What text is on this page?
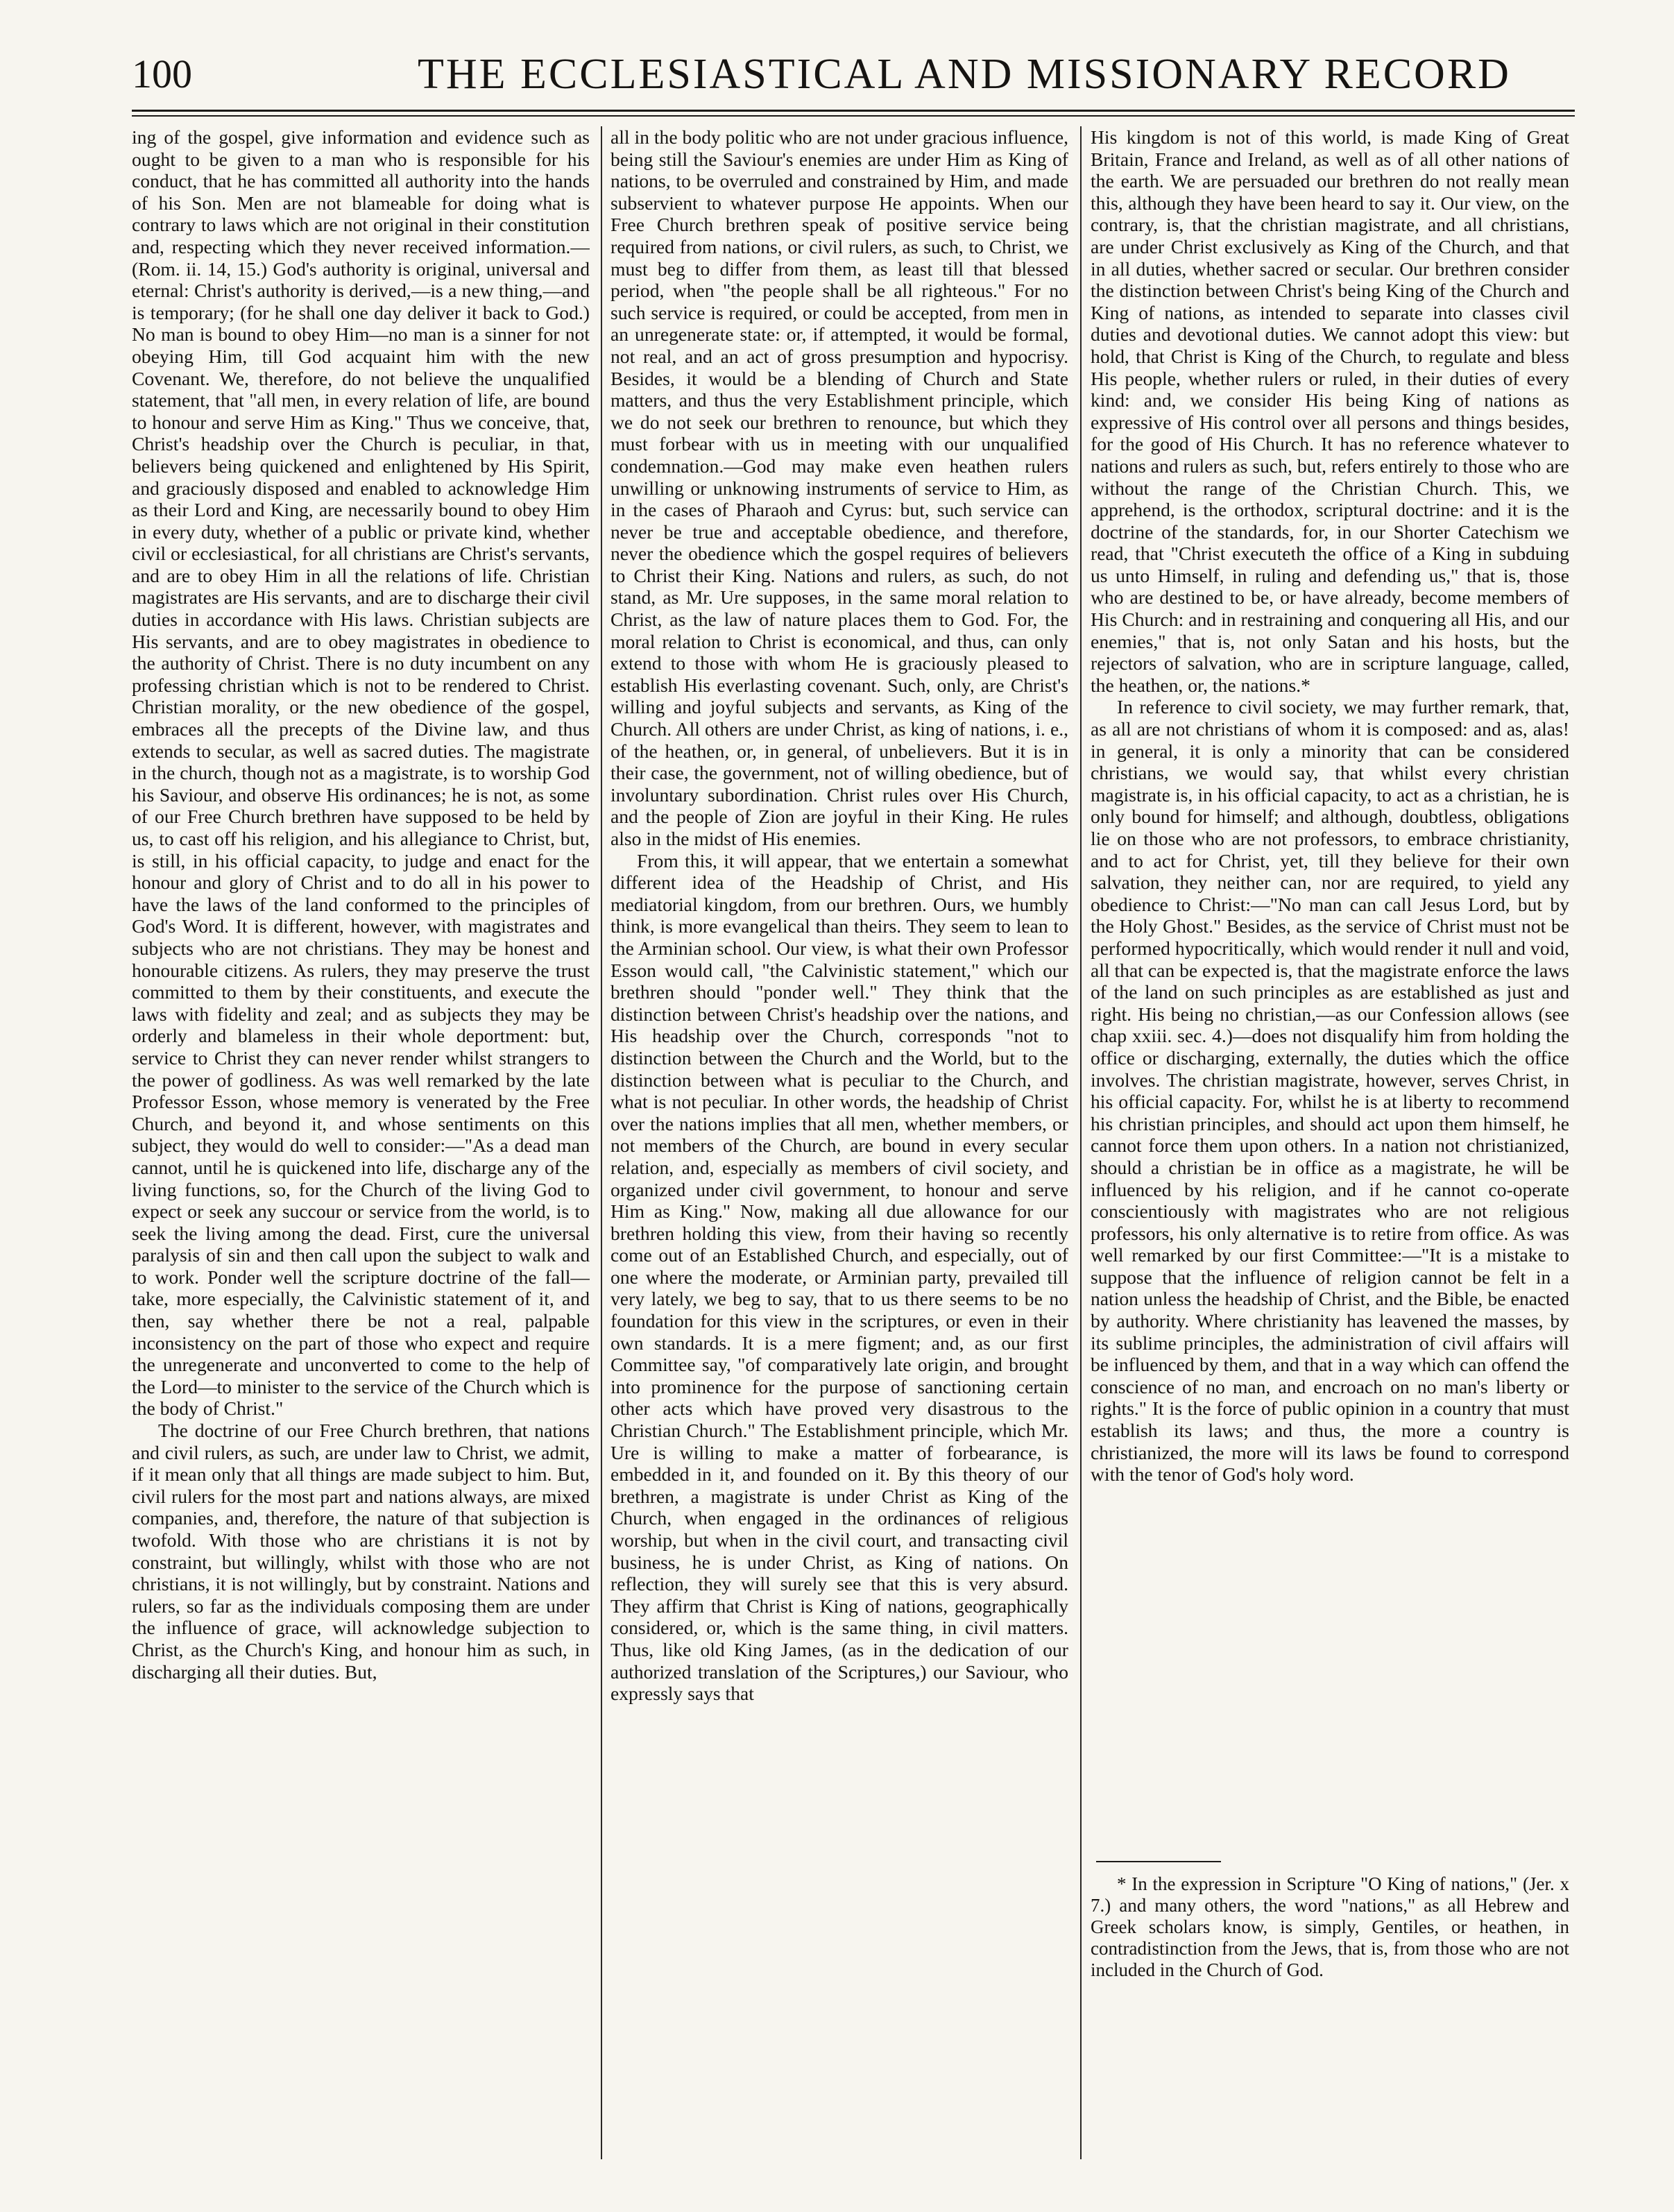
100	THE ECCLESIASTICAL AND MISSIONARY RECORD

ing of the gospel, give information and evidence such as ought to be given to a man who is responsible for his conduct, that he has committed all authority into the hands of his Son. Men are not blameable for doing what is contrary to laws which are not original in their constitution and, respecting which they never received information.—(Rom. ii. 14, 15.) God's authority is original, universal and eternal: Christ's authority is derived,—is a new thing,—and is temporary; (for he shall one day deliver it back to God.) No man is bound to obey Him—no man is a sinner for not obeying Him, till God acquaint him with the new Covenant. We, therefore, do not believe the unqualified statement, that "all men, in every relation of life, are bound to honour and serve Him as King." Thus we conceive, that, Christ's headship over the Church is peculiar, in that, believers being quickened and enlightened by His Spirit, and graciously disposed and enabled to acknowledge Him as their Lord and King, are necessarily bound to obey Him in every duty, whether of a public or private kind, whether civil or ecclesiastical, for all christians are Christ's servants, and are to obey Him in all the relations of life. Christian magistrates are His servants, and are to discharge their civil duties in accordance with His laws. Christian subjects are His servants, and are to obey magistrates in obedience to the authority of Christ. There is no duty incumbent on any professing christian which is not to be rendered to Christ. Christian morality, or the new obedience of the gospel, embraces all the precepts of the Divine law, and thus extends to secular, as well as sacred duties. The magistrate in the church, though not as a magistrate, is to worship God his Saviour, and observe His ordinances; he is not, as some of our Free Church brethren have supposed to be held by us, to cast off his religion, and his allegiance to Christ, but, is still, in his official capacity, to judge and enact for the honour and glory of Christ and to do all in his power to have the laws of the land conformed to the principles of God's Word. It is different, however, with magistrates and subjects who are not christians. They may be honest and honourable citizens. As rulers, they may preserve the trust committed to them by their constituents, and execute the laws with fidelity and zeal; and as subjects they may be orderly and blameless in their whole deportment: but, service to Christ they can never render whilst strangers to the power of godliness. As was well remarked by the late Professor Esson, whose memory is venerated by the Free Church, and beyond it, and whose sentiments on this subject, they would do well to consider:—"As a dead man cannot, until he is quickened into life, discharge any of the living functions, so, for the Church of the living God to expect or seek any succour or service from the world, is to seek the living among the dead. First, cure the universal paralysis of sin and then call upon the subject to walk and to work. Ponder well the scripture doctrine of the fall—take, more especially, the Calvinistic statement of it, and then, say whether there be not a real, palpable inconsistency on the part of those who expect and require the unregenerate and unconverted to come to the help of the Lord—to minister to the service of the Church which is the body of Christ."

The doctrine of our Free Church brethren, that nations and civil rulers, as such, are under law to Christ, we admit, if it mean only that all things are made subject to him. But, civil rulers for the most part and nations always, are mixed companies, and, therefore, the nature of that subjection is twofold. With those who are christians it is not by constraint, but willingly, whilst with those who are not christians, it is not willingly, but by constraint. Nations and rulers, so far as the individuals composing them are under the influence of grace, will acknowledge subjection to Christ, as the Church's King, and honour him as such, in discharging all their duties. But,

all in the body politic who are not under gracious influence, being still the Saviour's enemies are under Him as King of nations, to be overruled and constrained by Him, and made subservient to whatever purpose He appoints. When our Free Church brethren speak of positive service being required from nations, or civil rulers, as such, to Christ, we must beg to differ from them, as least till that blessed period, when "the people shall be all righteous." For no such service is required, or could be accepted, from men in an unregenerate state: or, if attempted, it would be formal, not real, and an act of gross presumption and hypocrisy. Besides, it would be a blending of Church and State matters, and thus the very Establishment principle, which we do not seek our brethren to renounce, but which they must forbear with us in meeting with our unqualified condemnation.—God may make even heathen rulers unwilling or unknowing instruments of service to Him, as in the cases of Pharaoh and Cyrus: but, such service can never be true and acceptable obedience, and therefore, never the obedience which the gospel requires of believers to Christ their King. Nations and rulers, as such, do not stand, as Mr. Ure supposes, in the same moral relation to Christ, as the law of nature places them to God. For, the moral relation to Christ is economical, and thus, can only extend to those with whom He is graciously pleased to establish His everlasting covenant. Such, only, are Christ's willing and joyful subjects and servants, as King of the Church. All others are under Christ, as king of nations, i. e., of the heathen, or, in general, of unbelievers. But it is in their case, the government, not of willing obedience, but of involuntary subordination. Christ rules over His Church, and the people of Zion are joyful in their King. He rules also in the midst of His enemies.

From this, it will appear, that we entertain a somewhat different idea of the Headship of Christ, and His mediatorial kingdom, from our brethren. Ours, we humbly think, is more evangelical than theirs. They seem to lean to the Arminian school. Our view, is what their own Professor Esson would call, "the Calvinistic statement," which our brethren should "ponder well." They think that the distinction between Christ's headship over the nations, and His headship over the Church, corresponds "not to distinction between the Church and the World, but to the distinction between what is peculiar to the Church, and what is not peculiar. In other words, the headship of Christ over the nations implies that all men, whether members, or not members of the Church, are bound in every secular relation, and, especially as members of civil society, and organized under civil government, to honour and serve Him as King." Now, making all due allowance for our brethren holding this view, from their having so recently come out of an Established Church, and especially, out of one where the moderate, or Arminian party, prevailed till very lately, we beg to say, that to us there seems to be no foundation for this view in the scriptures, or even in their own standards. It is a mere figment; and, as our first Committee say, "of comparatively late origin, and brought into prominence for the purpose of sanctioning certain other acts which have proved very disastrous to the Christian Church." The Establishment principle, which Mr. Ure is willing to make a matter of forbearance, is embedded in it, and founded on it. By this theory of our brethren, a magistrate is under Christ as King of the Church, when engaged in the ordinances of religious worship, but when in the civil court, and transacting civil business, he is under Christ, as King of nations. On reflection, they will surely see that this is very absurd. They affirm that Christ is King of nations, geographically considered, or, which is the same thing, in civil matters. Thus, like old King James, (as in the dedication of our authorized translation of the Scriptures,) our Saviour, who expressly says that

His kingdom is not of this world, is made King of Great Britain, France and Ireland, as well as of all other nations of the earth. We are persuaded our brethren do not really mean this, although they have been heard to say it. Our view, on the contrary, is, that the christian magistrate, and all christians, are under Christ exclusively as King of the Church, and that in all duties, whether sacred or secular. Our brethren consider the distinction between Christ's being King of the Church and King of nations, as intended to separate into classes civil duties and devotional duties. We cannot adopt this view: but hold, that Christ is King of the Church, to regulate and bless His people, whether rulers or ruled, in their duties of every kind: and, we consider His being King of nations as expressive of His control over all persons and things besides, for the good of His Church. It has no reference whatever to nations and rulers as such, but, refers entirely to those who are without the range of the Christian Church. This, we apprehend, is the orthodox, scriptural doctrine: and it is the doctrine of the standards, for, in our Shorter Catechism we read, that "Christ executeth the office of a King in subduing us unto Himself, in ruling and defending us," that is, those who are destined to be, or have already, become members of His Church: and in restraining and conquering all His, and our enemies," that is, not only Satan and his hosts, but the rejectors of salvation, who are in scripture language, called, the heathen, or, the nations.*

In reference to civil society, we may further remark, that, as all are not christians of whom it is composed: and as, alas! in general, it is only a minority that can be considered christians, we would say, that whilst every christian magistrate is, in his official capacity, to act as a christian, he is only bound for himself; and although, doubtless, obligations lie on those who are not professors, to embrace christianity, and to act for Christ, yet, till they believe for their own salvation, they neither can, nor are required, to yield any obedience to Christ:—"No man can call Jesus Lord, but by the Holy Ghost." Besides, as the service of Christ must not be performed hypocritically, which would render it null and void, all that can be expected is, that the magistrate enforce the laws of the land on such principles as are established as just and right. His being no christian,—as our Confession allows (see chap xxiii. sec. 4.)—does not disqualify him from holding the office or discharging, externally, the duties which the office involves. The christian magistrate, however, serves Christ, in his official capacity. For, whilst he is at liberty to recommend his christian principles, and should act upon them himself, he cannot force them upon others. In a nation not christianized, should a christian be in office as a magistrate, he will be influenced by his religion, and if he cannot co-operate conscientiously with magistrates who are not religious professors, his only alternative is to retire from office. As was well remarked by our first Committee:—"It is a mistake to suppose that the influence of religion cannot be felt in a nation unless the headship of Christ, and the Bible, be enacted by authority. Where christianity has leavened the masses, by its sublime principles, the administration of civil affairs will be influenced by them, and that in a way which can offend the conscience of no man, and encroach on no man's liberty or rights." It is the force of public opinion in a country that must establish its laws; and thus, the more a country is christianized, the more will its laws be found to correspond with the tenor of God's holy word.

* In the expression in Scripture "O King of nations," (Jer. x 7.) and many others, the word "nations," as all Hebrew and Greek scholars know, is simply, Gentiles, or heathen, in contradistinction from the Jews, that is, from those who are not included in the Church of God.
